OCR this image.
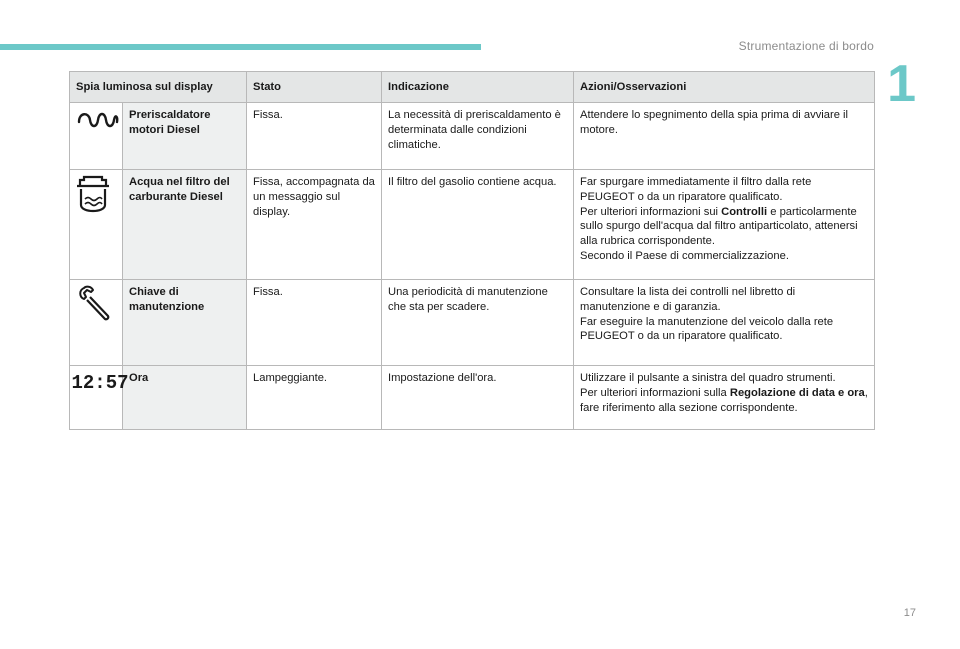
Strumentazione di bordo
1
Spia luminosa sul display		Stato	Indicazione	Azioni/Osservazioni
	Preriscaldatore motori Diesel	Fissa.	La necessità di preriscaldamento è determinata dalle condizioni climatiche.	Attendere lo spegnimento della spia prima di avviare il motore.
	Acqua nel filtro del carburante Diesel	Fissa, accompagnata da un messaggio sul display.	Il filtro del gasolio contiene acqua.	Far spurgare immediatamente il filtro dalla rete PEUGEOT o da un riparatore qualificato.
Per ulteriori informazioni sui Controlli e particolarmente sullo spurgo dell'acqua dal filtro antiparticolato, attenersi alla rubrica corrispondente.
Secondo il Paese di commercializzazione.

	Chiave di manutenzione	Fissa.	Una periodicità di manutenzione che sta per scadere.	Consultare la lista dei controlli nel libretto di manutenzione e di garanzia.
Far eseguire la manutenzione del veicolo dalla rete PEUGEOT o da un riparatore qualificato.

12:57	Ora	Lampeggiante.	Impostazione dell'ora.	Utilizzare il pulsante a sinistra del quadro strumenti.
Per ulteriori informazioni sulla Regolazione di data e ora, fare riferimento alla sezione corrispondente.
17
